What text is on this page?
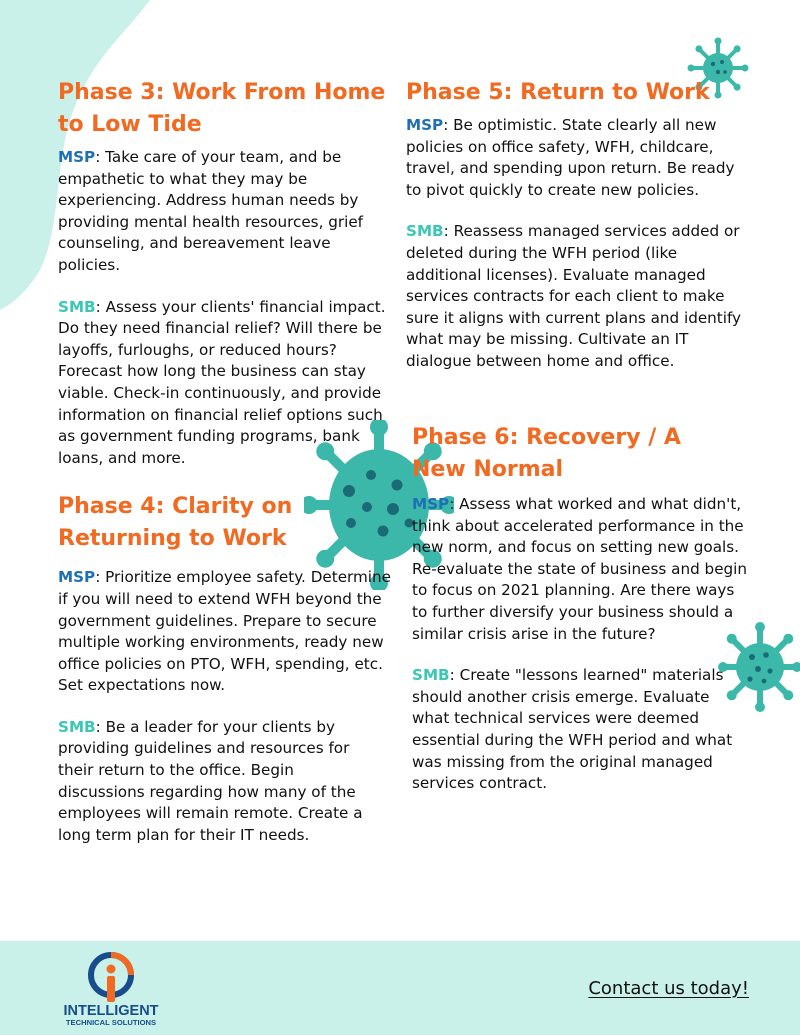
Phase 3: Work From Home to Low Tide

MSP: Take care of your team, and be empathetic to what they may be experiencing. Address human needs by providing mental health resources, grief counseling, and bereavement leave policies.

SMB: Assess your clients' financial impact. Do they need financial relief? Will there be layoffs, furloughs, or reduced hours? Forecast how long the business can stay viable. Check-in continuously, and provide information on financial relief options such as government funding programs, bank loans, and more.

Phase 4: Clarity on Returning to Work

MSP: Prioritize employee safety. Determine if you will need to extend WFH beyond the government guidelines. Prepare to secure multiple working environments, ready new office policies on PTO, WFH, spending, etc. Set expectations now.

SMB: Be a leader for your clients by providing guidelines and resources for their return to the office. Begin discussions regarding how many of the employees will remain remote. Create a long term plan for their IT needs.

Phase 5: Return to Work

MSP: Be optimistic. State clearly all new policies on office safety, WFH, childcare, travel, and spending upon return. Be ready to pivot quickly to create new policies.

SMB: Reassess managed services added or deleted during the WFH period (like additional licenses). Evaluate managed services contracts for each client to make sure it aligns with current plans and identify what may be missing. Cultivate an IT dialogue between home and office.

Phase 6: Recovery / A New Normal

MSP: Assess what worked and what didn't, think about accelerated performance in the new norm, and focus on setting new goals. Re-evaluate the state of business and begin to focus on 2021 planning. Are there ways to further diversify your business should a similar crisis arise in the future?

SMB: Create "lessons learned" materials should another crisis emerge. Evaluate what technical services were deemed essential during the WFH period and what was missing from the original managed services contract.

INTELLIGENT
TECHNICAL SOLUTIONS
Contact us today!
